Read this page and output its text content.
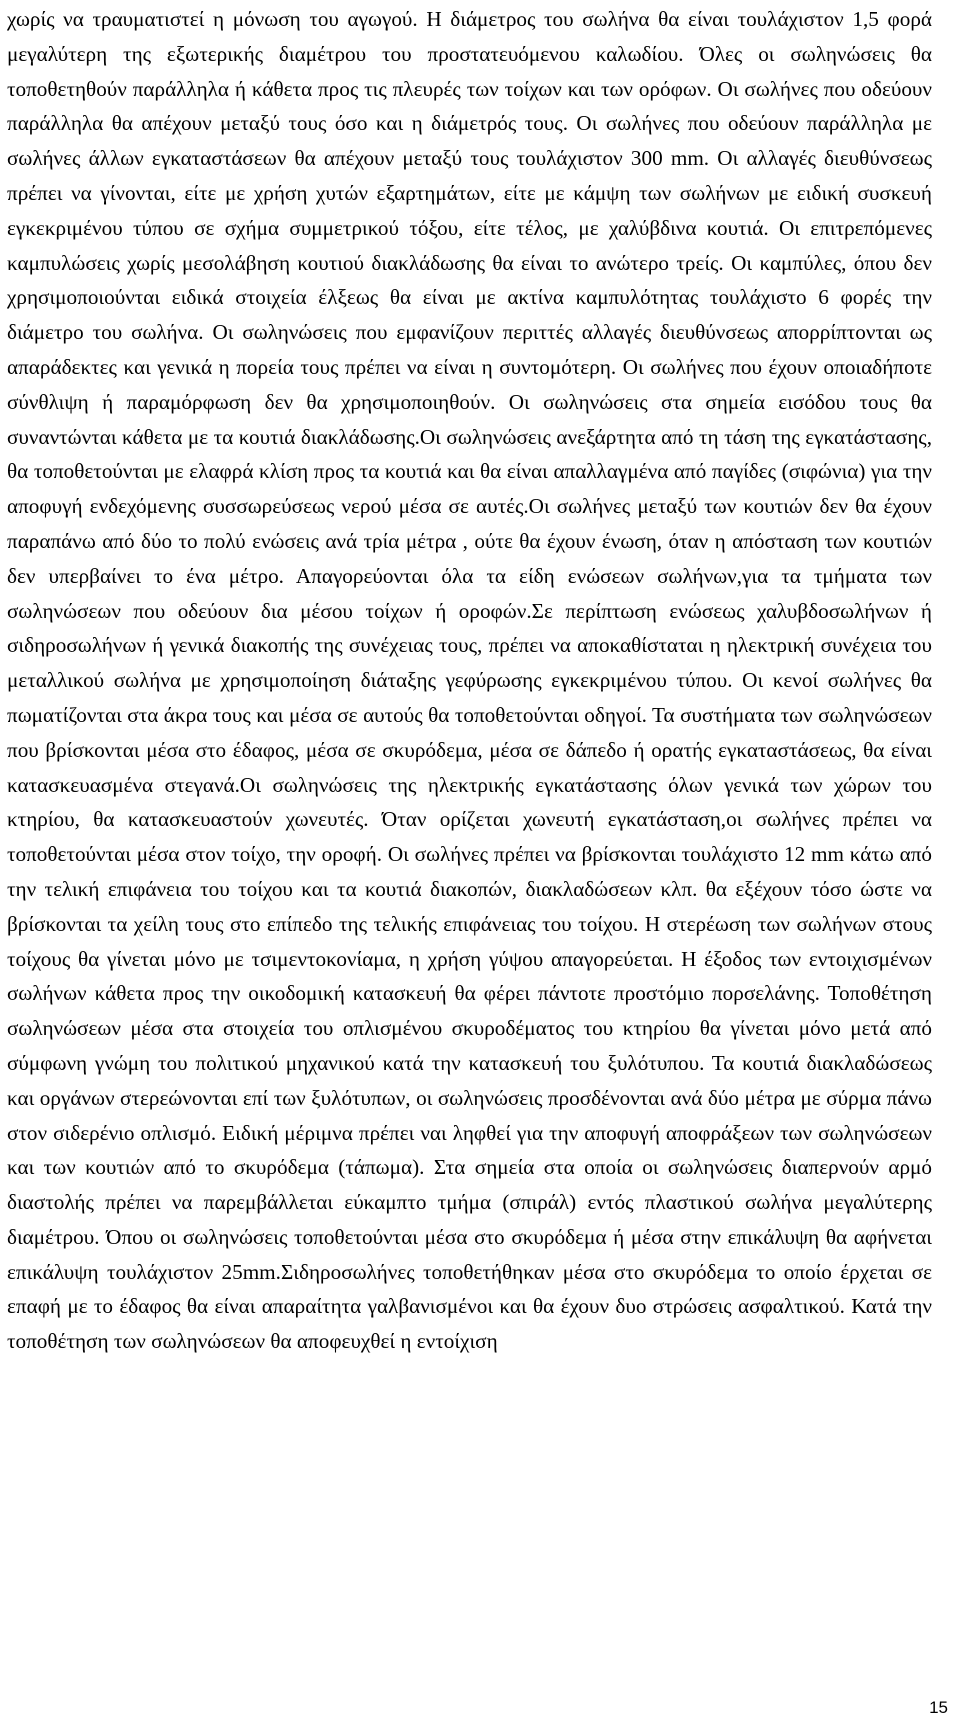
χωρίς να τραυματιστεί η μόνωση του αγωγού. Η διάμετρος του σωλήνα θα είναι τουλάχιστον 1,5 φορά μεγαλύτερη της εξωτερικής διαμέτρου του προστατευόμενου καλωδίου. Όλες οι σωληνώσεις θα τοποθετηθούν παράλληλα ή κάθετα προς τις πλευρές των τοίχων και των ορόφων. Οι σωλήνες που οδεύουν παράλληλα θα απέχουν μεταξύ τους όσο και η διάμετρός τους. Οι σωλήνες που οδεύουν παράλληλα με σωλήνες άλλων εγκαταστάσεων θα απέχουν μεταξύ τους τουλάχιστον 300 mm. Οι αλλαγές διευθύνσεως πρέπει να γίνονται, είτε με χρήση χυτών εξαρτημάτων, είτε με κάμψη των σωλήνων με ειδική συσκευή εγκεκριμένου τύπου σε σχήμα συμμετρικού τόξου, είτε τέλος, με χαλύβδινα κουτιά. Οι επιτρεπόμενες καμπυλώσεις χωρίς μεσολάβηση κουτιού διακλάδωσης θα είναι το ανώτερο τρείς. Οι καμπύλες, όπου δεν χρησιμοποιούνται ειδικά στοιχεία έλξεως θα είναι με ακτίνα καμπυλότητας τουλάχιστο 6 φορές την διάμετρο του σωλήνα. Οι σωληνώσεις που εμφανίζουν περιττές αλλαγές διευθύνσεως απορρίπτονται ως απαράδεκτες και γενικά η πορεία τους πρέπει να είναι η συντομότερη. Οι σωλήνες που έχουν οποιαδήποτε σύνθλιψη ή παραμόρφωση δεν θα χρησιμοποιηθούν. Οι σωληνώσεις στα σημεία εισόδου τους θα συναντώνται κάθετα με τα κουτιά διακλάδωσης.Οι σωληνώσεις ανεξάρτητα από τη τάση της εγκατάστασης, θα τοποθετούνται με ελαφρά κλίση προς τα κουτιά και θα είναι απαλλαγμένα από παγίδες (σιφώνια) για την αποφυγή ενδεχόμενης συσσωρεύσεως νερού μέσα σε αυτές.Οι σωλήνες μεταξύ των κουτιών δεν θα έχουν παραπάνω από δύο το πολύ ενώσεις ανά τρία μέτρα , ούτε θα έχουν ένωση, όταν η απόσταση των κουτιών δεν υπερβαίνει το ένα μέτρο. Απαγορεύονται όλα τα είδη ενώσεων σωλήνων,για τα τμήματα των σωληνώσεων που οδεύουν δια μέσου τοίχων ή οροφών.Σε περίπτωση ενώσεως χαλυβδοσωλήνων ή σιδηροσωλήνων ή γενικά διακοπής της συνέχειας τους, πρέπει να αποκαθίσταται η ηλεκτρική συνέχεια του μεταλλικού σωλήνα με χρησιμοποίηση διάταξης γεφύρωσης εγκεκριμένου τύπου. Οι κενοί σωλήνες θα πωματίζονται στα άκρα τους και μέσα σε αυτούς θα τοποθετούνται οδηγοί. Τα συστήματα των σωληνώσεων που βρίσκονται μέσα στο έδαφος, μέσα σε σκυρόδεμα, μέσα σε δάπεδο ή ορατής εγκαταστάσεως, θα είναι κατασκευασμένα στεγανά.Οι σωληνώσεις της ηλεκτρικής εγκατάστασης όλων γενικά των χώρων του κτηρίου, θα κατασκευαστούν χωνευτές. Όταν ορίζεται χωνευτή εγκατάσταση,οι σωλήνες πρέπει να τοποθετούνται μέσα στον τοίχο, την οροφή. Οι σωλήνες πρέπει να βρίσκονται τουλάχιστο 12 mm κάτω από την τελική επιφάνεια του τοίχου και τα κουτιά διακοπών, διακλαδώσεων κλπ. θα εξέχουν τόσο ώστε να βρίσκονται τα χείλη τους στο επίπεδο της τελικής επιφάνειας του τοίχου. Η στερέωση των σωλήνων στους τοίχους θα γίνεται μόνο με τσιμεντοκονίαμα, η χρήση γύψου απαγορεύεται. Η έξοδος των εντοιχισμένων σωλήνων κάθετα προς την οικοδομική κατασκευή θα φέρει πάντοτε προστόμιο πορσελάνης. Τοποθέτηση σωληνώσεων μέσα στα στοιχεία του οπλισμένου σκυροδέματος του κτηρίου θα γίνεται μόνο μετά από σύμφωνη γνώμη του πολιτικού μηχανικού κατά την κατασκευή του ξυλότυπου. Τα κουτιά διακλαδώσεως και οργάνων στερεώνονται επί των ξυλότυπων, οι σωληνώσεις προσδένονται ανά δύο μέτρα με σύρμα πάνω στον σιδερένιο οπλισμό. Ειδική μέριμνα πρέπει ναι ληφθεί για την αποφυγή αποφράξεων των σωληνώσεων και των κουτιών από το σκυρόδεμα (τάπωμα). Στα σημεία στα οποία οι σωληνώσεις διαπερνούν αρμό διαστολής πρέπει να παρεμβάλλεται εύκαμπτο τμήμα (σπιράλ) εντός πλαστικού σωλήνα μεγαλύτερης διαμέτρου. Όπου οι σωληνώσεις τοποθετούνται μέσα στο σκυρόδεμα ή μέσα στην επικάλυψη θα αφήνεται επικάλυψη τουλάχιστον 25mm.Σιδηροσωλήνες τοποθετήθηκαν μέσα στο σκυρόδεμα το οποίο έρχεται σε επαφή με το έδαφος θα είναι απαραίτητα γαλβανισμένοι και θα έχουν δυο στρώσεις ασφαλτικού. Κατά την τοποθέτηση των σωληνώσεων θα αποφευχθεί η εντοίχιση

15
